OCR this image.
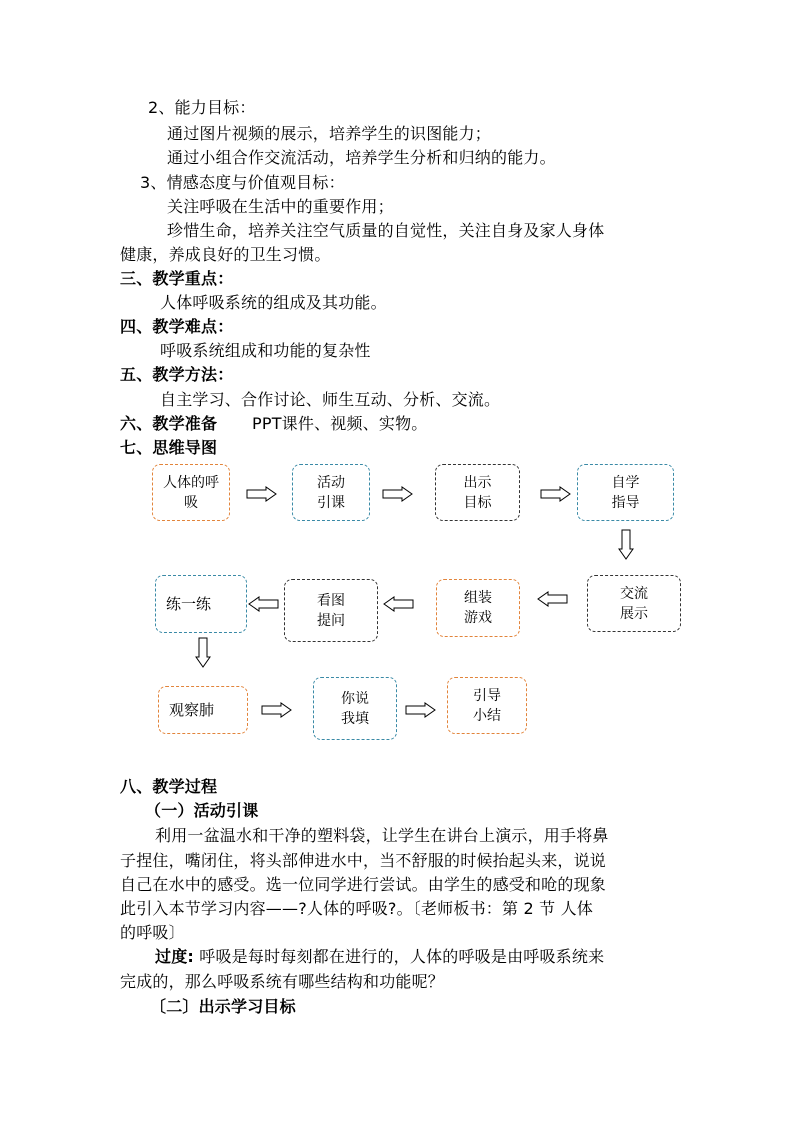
2、能力目标：
通过图片视频的展示，培养学生的识图能力；
通过小组合作交流活动，培养学生分析和归纳的能力。
3、情感态度与价值观目标：
关注呼吸在生活中的重要作用；
珍惜生命，培养关注空气质量的自觉性，关注自身及家人身体
健康，养成良好的卫生习惯。
三、教学重点：
人体呼吸系统的组成及其功能。
四、教学难点：
呼吸系统组成和功能的复杂性
五、教学方法：
自主学习、合作讨论、师生互动、分析、交流。
六、教学准备 PPT课件、视频、实物。
七、思维导图
人体的呼
吸
活动
引课
出示
目标
自学
指导
交流
展示
组装
游戏
看图
提问
练一练
观察肺
你说
我填
引导
小结
八、教学过程
（一）活动引课
利用一盆温水和干净的塑料袋，让学生在讲台上演示，用手将鼻
子捏住，嘴闭住，将头部伸进水中，当不舒服的时候抬起头来，说说
自己在水中的感受。选一位同学进行尝试。由学生的感受和呛的现象
此引入本节学习内容——?人体的呼吸?。〔老师板书：第 2 节 人体
的呼吸〕
过度: 呼吸是每时每刻都在进行的，人体的呼吸是由呼吸系统来
完成的，那么呼吸系统有哪些结构和功能呢？
〔二〕出示学习目标
